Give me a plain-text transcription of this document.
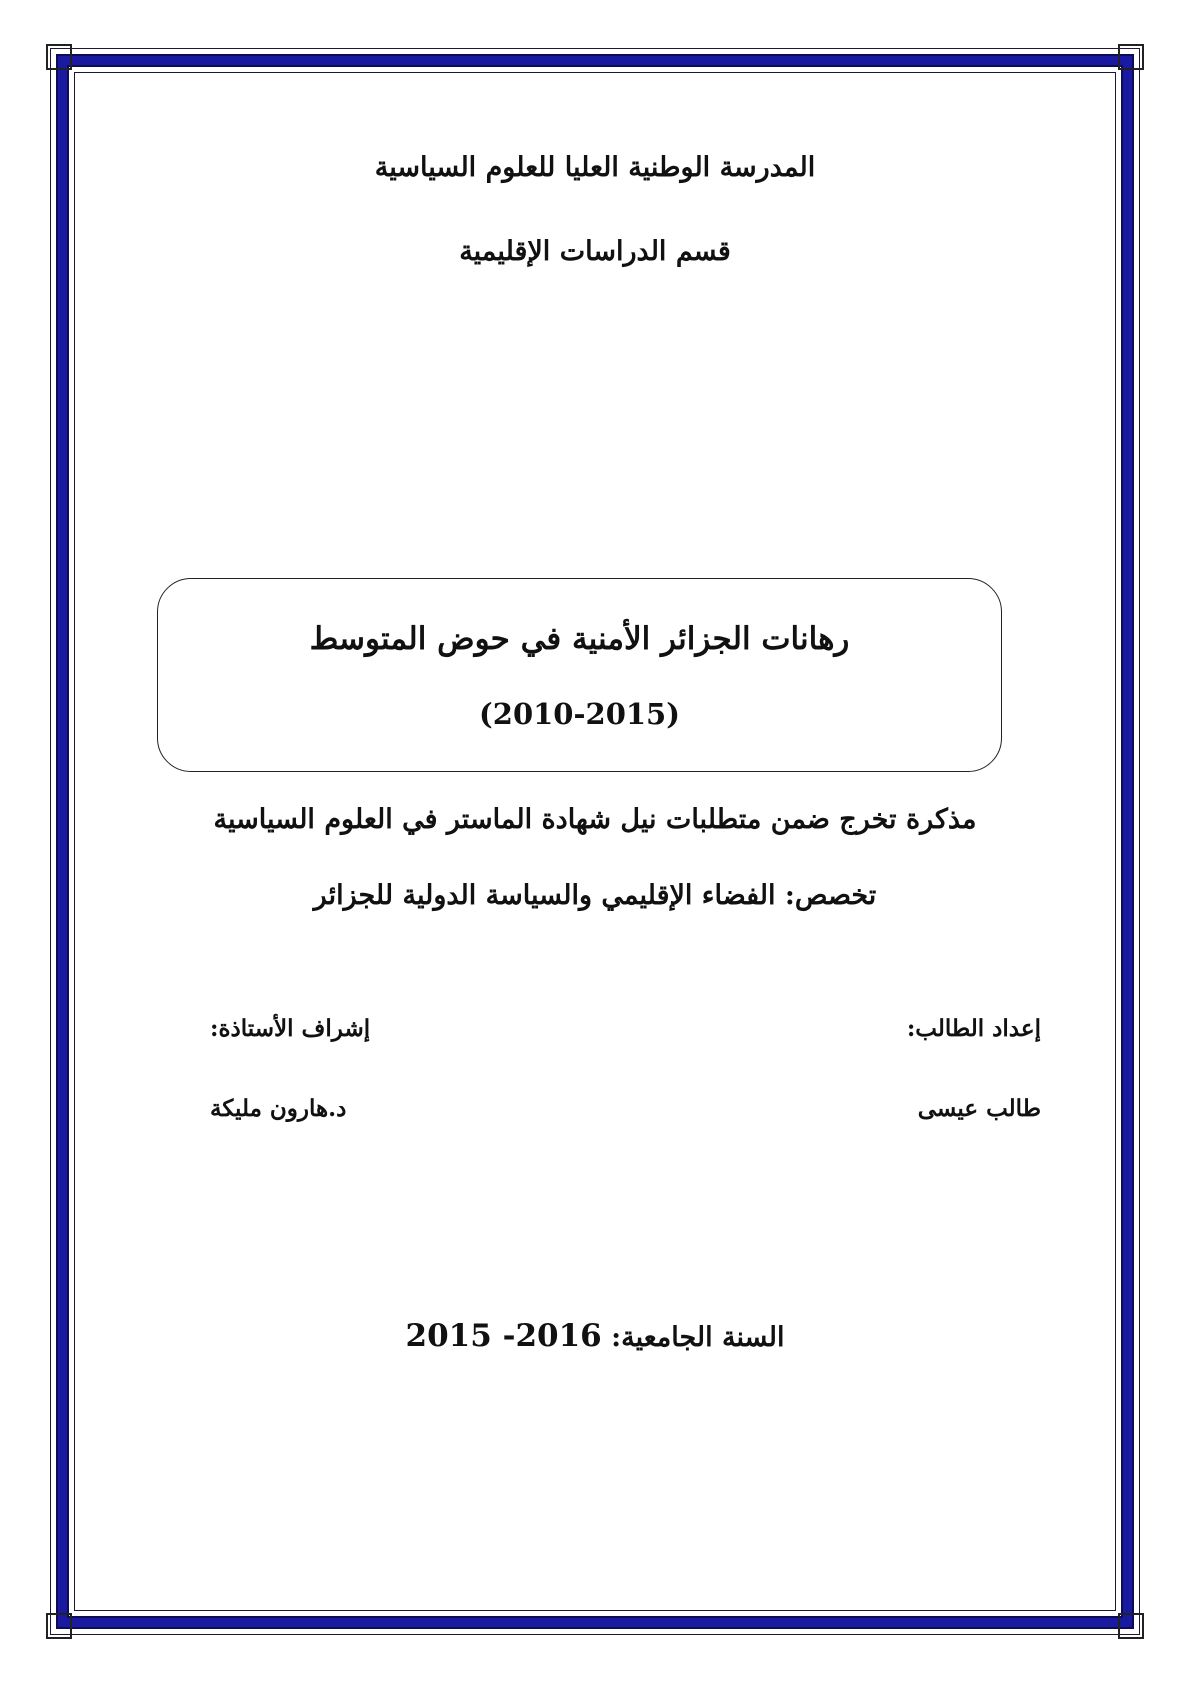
المدرسة الوطنية العليا للعلوم السياسية
قسم الدراسات الإقليمية
رهانات الجزائر الأمنية في حوض المتوسط
(2010-2015)
مذكرة تخرج ضمن متطلبات نيل شهادة الماستر في العلوم السياسية
تخصص: الفضاء الإقليمي والسياسة الدولية للجزائر
إعداد الطالب:
إشراف الأستاذة:
طالب عيسى
د.هارون مليكة
السنة الجامعية: 2015 -2016
